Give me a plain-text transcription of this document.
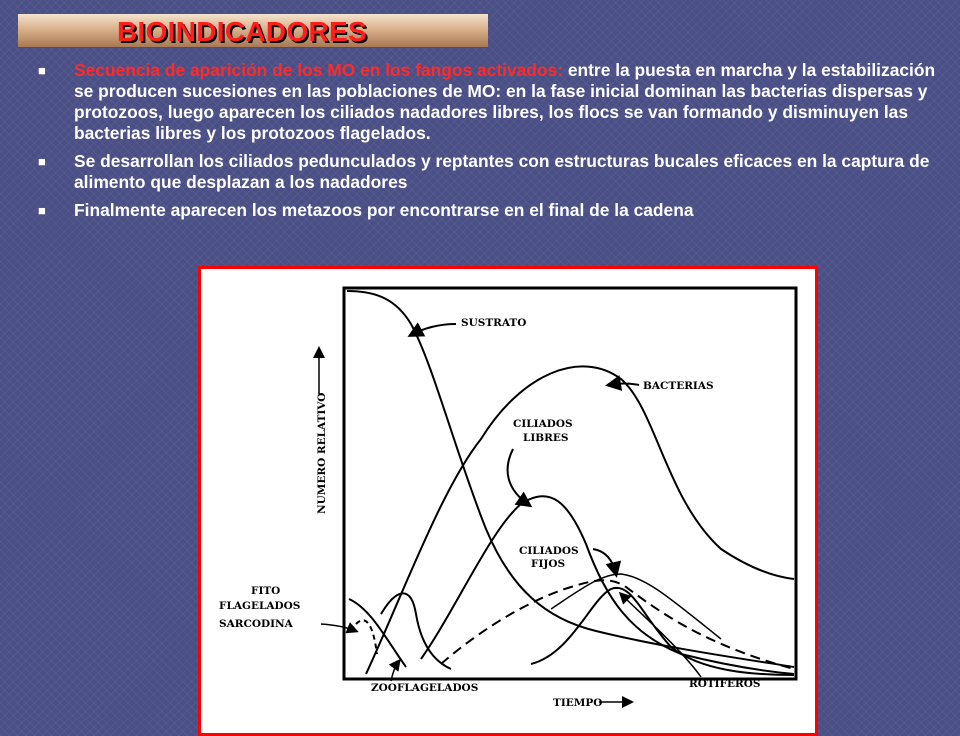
BIOINDICADORES
■ Secuencia de aparición de los MO en los fangos activados: entre la puesta en marcha y la estabilización se producen sucesiones en las poblaciones de MO: en la fase inicial dominan las bacterias dispersas y protozoos, luego aparecen los ciliados nadadores libres, los flocs se van formando y disminuyen las bacterias libres y los protozoos flagelados.
■ Se desarrollan los ciliados pedunculados y reptantes con estructuras bucales eficaces en la captura de alimento que desplazan a los nadadores
■ Finalmente aparecen los metazoos por encontrarse en el final de la cadena
NUMERO RELATIVO
TIEMPO
SUSTRATO
BACTERIAS
CILIADOS
LIBRES
CILIADOS
FIJOS
FITO
FLAGELADOS
SARCODINA
ZOOFLAGELADOS	ROTIFEROS
